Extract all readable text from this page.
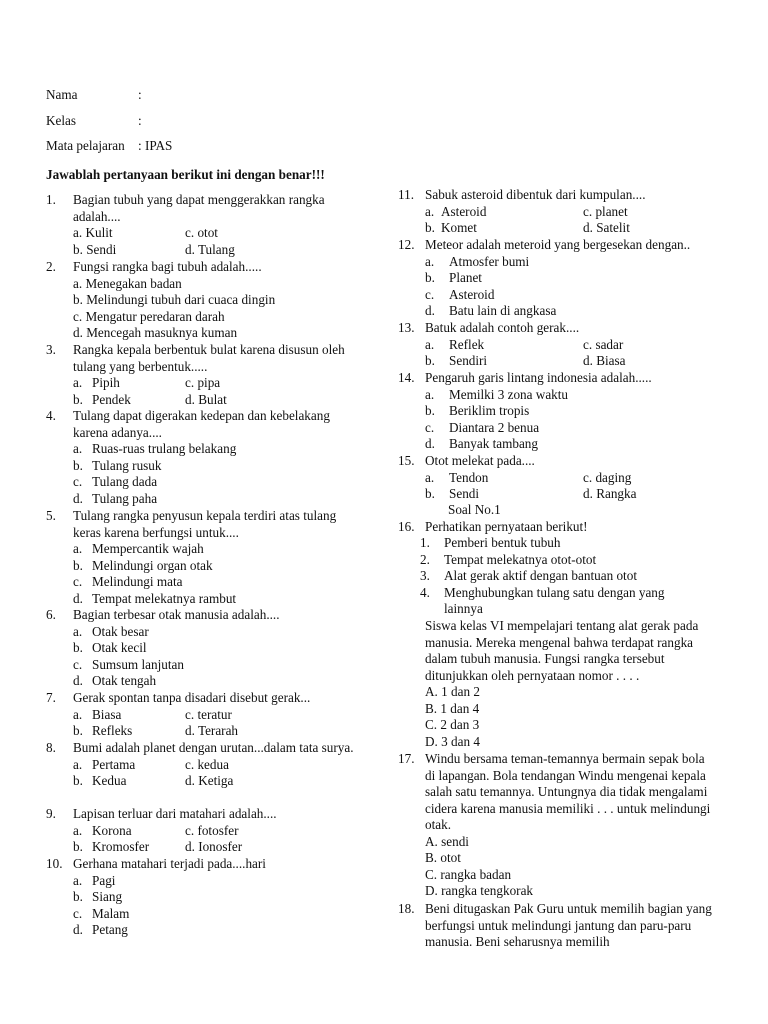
Nama	:
Kelas	:
Mata pelajaran : IPAS
Jawablah pertanyaan berikut ini dengan benar!!!
1. Bagian tubuh yang dapat menggerakkan rangka adalah....
a. Kulit	c. otot
b. Sendi	d. Tulang
2. Fungsi rangka bagi tubuh adalah.....
a. Menegakan badan
b. Melindungi tubuh dari cuaca dingin
c. Mengatur peredaran darah
d. Mencegah masuknya kuman
3. Rangka kepala berbentuk bulat karena disusun oleh tulang yang berbentuk.....
a. Pipih	c. pipa
b. Pendek	d. Bulat
4. Tulang dapat digerakan kedepan dan kebelakang karena adanya....
a. Ruas-ruas trulang belakang
b. Tulang rusuk
c. Tulang dada
d. Tulang paha
5. Tulang rangka penyusun kepala terdiri atas tulang keras karena berfungsi untuk....
a. Mempercantik wajah
b. Melindungi organ otak
c. Melindungi mata
d. Tempat melekatnya rambut
6. Bagian terbesar otak manusia adalah....
a. Otak besar
b. Otak kecil
c. Sumsum lanjutan
d. Otak tengah
7. Gerak spontan tanpa disadari disebut gerak...
a. Biasa	c. teratur
b. Refleks	d. Terarah
8. Bumi adalah planet dengan urutan...dalam tata surya.
a. Pertama	c. kedua
b. Kedua	d. Ketiga
9. Lapisan terluar dari matahari adalah....
a. Korona	c. fotosfer
b. Kromosfer	d. Ionosfer
10. Gerhana matahari terjadi pada....hari
a. Pagi
b. Siang
c. Malam
d. Petang
11. Sabuk asteroid dibentuk dari kumpulan....
a. Asteroid	c. planet
b. Komet	d. Satelit
12. Meteor adalah meteroid yang bergesekan dengan..
a. Atmosfer bumi
b. Planet
c. Asteroid
d. Batu lain di angkasa
13. Batuk adalah contoh gerak....
a. Reflek	c. sadar
b. Sendiri	d. Biasa
14. Pengaruh garis lintang indonesia adalah.....
a. Memilki 3 zona waktu
b. Beriklim tropis
c. Diantara 2 benua
d. Banyak tambang
15. Otot melekat pada....
a. Tendon	c. daging
b. Sendi	d. Rangka
Soal No.1
16. Perhatikan pernyataan berikut!
1. Pemberi bentuk tubuh
2. Tempat melekatnya otot-otot
3. Alat gerak aktif dengan bantuan otot
4. Menghubungkan tulang satu dengan yang lainnya
Siswa kelas VI mempelajari tentang alat gerak pada manusia. Mereka mengenal bahwa terdapat rangka dalam tubuh manusia. Fungsi rangka tersebut ditunjukkan oleh pernyataan nomor . . . .
A. 1 dan 2
B. 1 dan 4
C. 2 dan 3
D. 3 dan 4
17. Windu bersama teman-temannya bermain sepak bola di lapangan. Bola tendangan Windu mengenai kepala salah satu temannya. Untungnya dia tidak mengalami cidera karena manusia memiliki . . . untuk melindungi otak.
A. sendi
B. otot
C. rangka badan
D. rangka tengkorak
18. Beni ditugaskan Pak Guru untuk memilih bagian yang berfungsi untuk melindungi jantung dan paru-paru manusia. Beni seharusnya memilih
